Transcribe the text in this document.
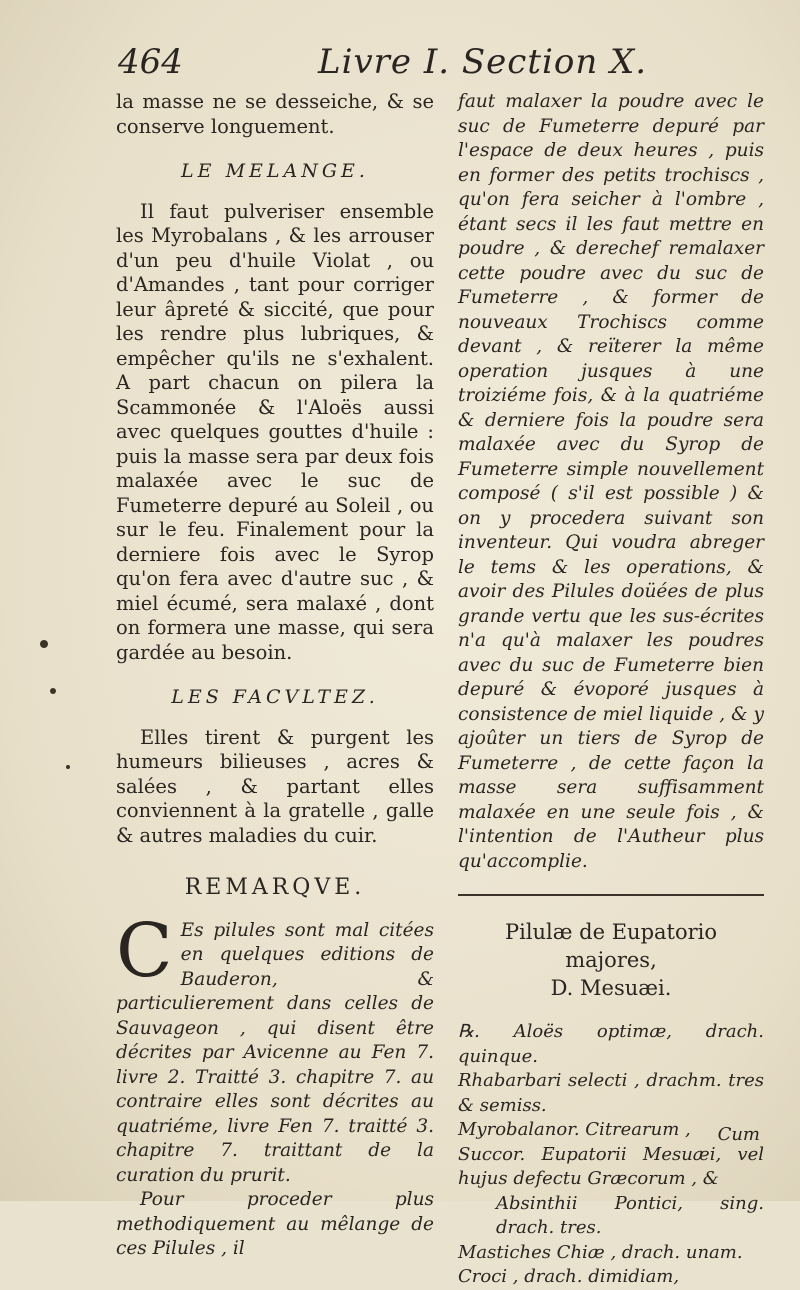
464	Livre I. Section X.
la masse ne se desseiche, & se conserve longuement.
LE MELANGE.
Il faut pulveriser ensemble les Myrobalans , & les arrouser d'un peu d'huile Violat , ou d'Amandes , tant pour corriger leur âpreté & siccité, que pour les rendre plus lubriques, & empêcher qu'ils ne s'exhalent. A part chacun on pilera la Scammonée & l'Aloës aussi avec quelques gouttes d'huile : puis la masse sera par deux fois malaxée avec le suc de Fumeterre depuré au Soleil , ou sur le feu. Finalement pour la derniere fois avec le Syrop qu'on fera avec d'autre suc , & miel écumé, sera malaxé , dont on formera une masse, qui sera gardée au besoin.
LES FACVLTEZ.
Elles tirent & purgent les humeurs bilieuses , acres & salées , & partant elles conviennent à la gratelle , galle & autres maladies du cuir.
REMARQVE.
C Es pilules sont mal citées en quelques editions de Bauderon, & particulierement dans celles de Sauvageon , qui disent être décrites par Avicenne au Fen 7. livre 2. Traitté 3. chapitre 7. au contraire elles sont décrites au quatriéme, livre Fen 7. traitté 3. chapitre 7. traittant de la curation du prurit.
Pour proceder plus methodiquement au mêlange de ces Pilules , il
faut malaxer la poudre avec le suc de Fumeterre depuré par l'espace de deux heures , puis en former des petits trochiscs , qu'on fera seicher à l'ombre , étant secs il les faut mettre en poudre , & derechef remalaxer cette poudre avec du suc de Fumeterre , & former de nouveaux Trochiscs comme devant , & reïterer la même operation jusques à une troiziéme fois, & à la quatriéme & derniere fois la poudre sera malaxée avec du Syrop de Fumeterre simple nouvellement composé ( s'il est possible ) & on y procedera suivant son inventeur. Qui voudra abreger le tems & les operations, & avoir des Pilules doüées de plus grande vertu que les sus-écrites n'a qu'à malaxer les poudres avec du suc de Fumeterre bien depuré & évoporé jusques à consistence de miel liquide , & y ajoûter un tiers de Syrop de Fumeterre , de cette façon la masse sera suffisamment malaxée en une seule fois , & l'intention de l'Autheur plus qu'accomplie.
Pilulæ de Eupatorio majores,
D. Mesuæi.
℞. Aloës optimæ, drach. quinque.
Rhabarbari selecti , drachm. tres & semiss.
Myrobalanor. Citrearum ,
Succor. Eupatorii Mesuæi, vel hujus defectu Græcorum , &
Absinthii Pontici, sing. drach. tres.
Mastiches Chiæ , drach. unam.
Croci , drach. dimidiam,
Cum
